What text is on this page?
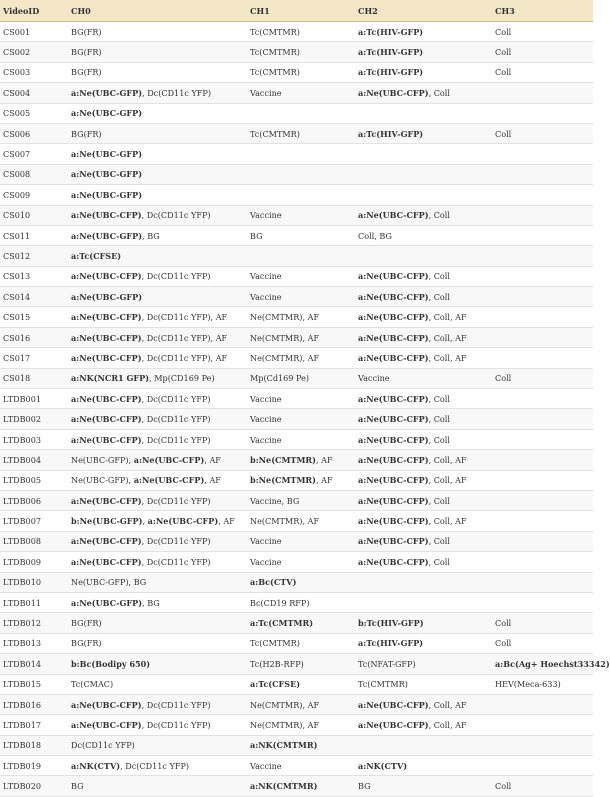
VideoID	CH0	CH1	CH2	CH3
CS001	BG(FR)	Tc(CMTMR)	a:Tc(HIV-GFP)	Coll
CS002	BG(FR)	Tc(CMTMR)	a:Tc(HIV-GFP)	Coll
CS003	BG(FR)	Tc(CMTMR)	a:Tc(HIV-GFP)	Coll
CS004	a:Ne(UBC-GFP), Dc(CD11c YFP)	Vaccine	a:Ne(UBC-CFP), Coll	
CS005	a:Ne(UBC-GFP)			
CS006	BG(FR)	Tc(CMTMR)	a:Tc(HIV-GFP)	Coll
CS007	a:Ne(UBC-GFP)			
CS008	a:Ne(UBC-GFP)			
CS009	a:Ne(UBC-GFP)			
CS010	a:Ne(UBC-CFP), Dc(CD11c YFP)	Vaccine	a:Ne(UBC-CFP), Coll	
CS011	a:Ne(UBC-GFP), BG	BG	Coll, BG	
CS012	a:Tc(CFSE)			
CS013	a:Ne(UBC-CFP), Dc(CD11c YFP)	Vaccine	a:Ne(UBC-CFP), Coll	
CS014	a:Ne(UBC-GFP)	Vaccine	a:Ne(UBC-CFP), Coll	
CS015	a:Ne(UBC-CFP), Dc(CD11c YFP), AF	Ne(CMTMR), AF	a:Ne(UBC-CFP), Coll, AF	
CS016	a:Ne(UBC-CFP), Dc(CD11c YFP), AF	Ne(CMTMR), AF	a:Ne(UBC-CFP), Coll, AF	
CS017	a:Ne(UBC-CFP), Dc(CD11c YFP), AF	Ne(CMTMR), AF	a:Ne(UBC-CFP), Coll, AF	
CS018	a:NK(NCR1 GFP), Mp(CD169 Pe)	Mp(Cd169 Pe)	Vaccine	Coll
LTDB001	a:Ne(UBC-CFP), Dc(CD11c YFP)	Vaccine	a:Ne(UBC-CFP), Coll	
LTDB002	a:Ne(UBC-CFP), Dc(CD11c YFP)	Vaccine	a:Ne(UBC-CFP), Coll	
LTDB003	a:Ne(UBC-CFP), Dc(CD11c YFP)	Vaccine	a:Ne(UBC-CFP), Coll	
LTDB004	Ne(UBC-GFP), a:Ne(UBC-CFP), AF	b:Ne(CMTMR), AF	a:Ne(UBC-CFP), Coll, AF	
LTDB005	Ne(UBC-GFP), a:Ne(UBC-CFP), AF	b:Ne(CMTMR), AF	a:Ne(UBC-CFP), Coll, AF	
LTDB006	a:Ne(UBC-CFP), Dc(CD11c YFP)	Vaccine, BG	a:Ne(UBC-CFP), Coll	
LTDB007	b:Ne(UBC-GFP), a:Ne(UBC-CFP), AF	Ne(CMTMR), AF	a:Ne(UBC-CFP), Coll, AF	
LTDB008	a:Ne(UBC-CFP), Dc(CD11c YFP)	Vaccine	a:Ne(UBC-CFP), Coll	
LTDB009	a:Ne(UBC-CFP), Dc(CD11c YFP)	Vaccine	a:Ne(UBC-CFP), Coll	
LTDB010	Ne(UBC-GFP), BG	a:Bc(CTV)		
LTDB011	a:Ne(UBC-GFP), BG	Bc(CD19 RFP)		
LTDB012	BG(FR)	a:Tc(CMTMR)	b:Tc(HIV-GFP)	Coll
LTDB013	BG(FR)	Tc(CMTMR)	a:Tc(HIV-GFP)	Coll
LTDB014	b:Bc(Bodipy 650)	Tc(H2B-RFP)	Tc(NFAT-GFP)	a:Bc(Ag+ Hoechst33342)
LTDB015	Tc(CMAC)	a:Tc(CFSE)	Tc(CMTMR)	HEV(Meca-633)
LTDB016	a:Ne(UBC-CFP), Dc(CD11c YFP)	Ne(CMTMR), AF	a:Ne(UBC-CFP), Coll, AF	
LTDB017	a:Ne(UBC-CFP), Dc(CD11c YFP)	Ne(CMTMR), AF	a:Ne(UBC-CFP), Coll, AF	
LTDB018	Dc(CD11c YFP)	a:NK(CMTMR)		
LTDB019	a:NK(CTV), Dc(CD11c YFP)	Vaccine	a:NK(CTV)	
LTDB020	BG	a:NK(CMTMR)	BG	Coll
